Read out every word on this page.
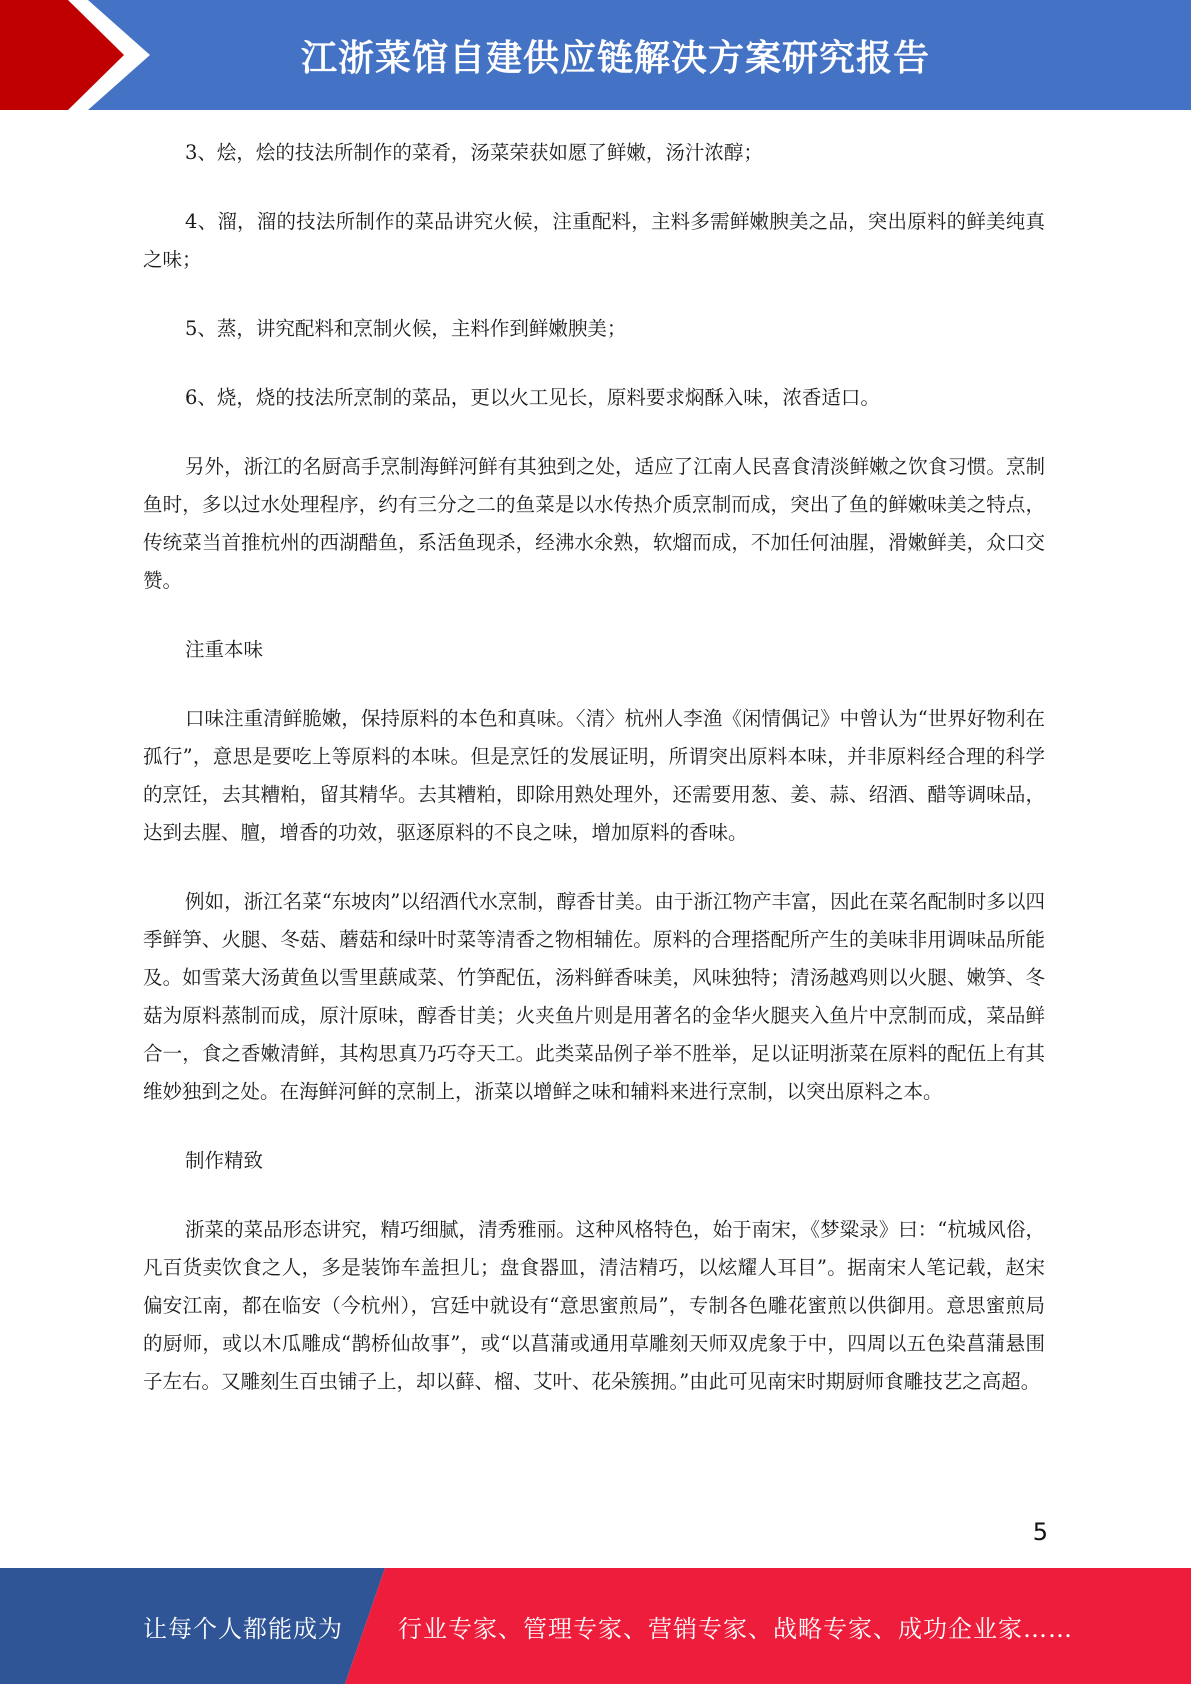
江浙菜馆自建供应链解决方案研究报告

3、烩，烩的技法所制作的菜肴，汤菜荣获如愿了鲜嫩，汤汁浓醇；

4、溜，溜的技法所制作的菜品讲究火候，注重配料，主料多需鲜嫩腴美之品，突出原料的鲜美纯真之味；

5、蒸，讲究配料和烹制火候，主料作到鲜嫩腴美；

6、烧，烧的技法所烹制的菜品，更以火工见长，原料要求焖酥入味，浓香适口。

另外，浙江的名厨高手烹制海鲜河鲜有其独到之处，适应了江南人民喜食清淡鲜嫩之饮食习惯。烹制鱼时，多以过水处理程序，约有三分之二的鱼菜是以水传热介质烹制而成，突出了鱼的鲜嫩味美之特点，传统菜当首推杭州的西湖醋鱼，系活鱼现杀，经沸水氽熟，软熘而成，不加任何油腥，滑嫩鲜美，众口交赞。

注重本味

口味注重清鲜脆嫩，保持原料的本色和真味。〈清〉杭州人李渔《闲情偶记》中曾认为“世界好物利在孤行”，意思是要吃上等原料的本味。但是烹饪的发展证明，所谓突出原料本味，并非原料经合理的科学的烹饪，去其糟粕，留其精华。去其糟粕，即除用熟处理外，还需要用葱、姜、蒜、绍酒、醋等调味品，达到去腥、膻，增香的功效，驱逐原料的不良之味，增加原料的香味。

例如，浙江名菜“东坡肉”以绍酒代水烹制，醇香甘美。由于浙江物产丰富，因此在菜名配制时多以四季鲜笋、火腿、冬菇、蘑菇和绿叶时菜等清香之物相辅佐。原料的合理搭配所产生的美味非用调味品所能及。如雪菜大汤黄鱼以雪里蕻咸菜、竹笋配伍，汤料鲜香味美，风味独特；清汤越鸡则以火腿、嫩笋、冬菇为原料蒸制而成，原汁原味，醇香甘美；火夹鱼片则是用著名的金华火腿夹入鱼片中烹制而成，菜品鲜合一，食之香嫩清鲜，其构思真乃巧夺天工。此类菜品例子举不胜举，足以证明浙菜在原料的配伍上有其维妙独到之处。在海鲜河鲜的烹制上，浙菜以增鲜之味和辅料来进行烹制，以突出原料之本。

制作精致

浙菜的菜品形态讲究，精巧细腻，清秀雅丽。这种风格特色，始于南宋，《梦粱录》曰：“杭城风俗，凡百货卖饮食之人，多是装饰车盖担儿；盘食器皿，清洁精巧，以炫耀人耳目”。据南宋人笔记载，赵宋偏安江南，都在临安（今杭州），宫廷中就设有“意思蜜煎局”，专制各色雕花蜜煎以供御用。意思蜜煎局的厨师，或以木瓜雕成“鹊桥仙故事”，或“以菖蒲或通用草雕刻天师双虎象于中，四周以五色染菖蒲悬围子左右。又雕刻生百虫铺子上，却以藓、榴、艾叶、花朵簇拥。”由此可见南宋时期厨师食雕技艺之高超。

5
让每个人都能成为 行业专家、管理专家、营销专家、战略专家、成功企业家……
